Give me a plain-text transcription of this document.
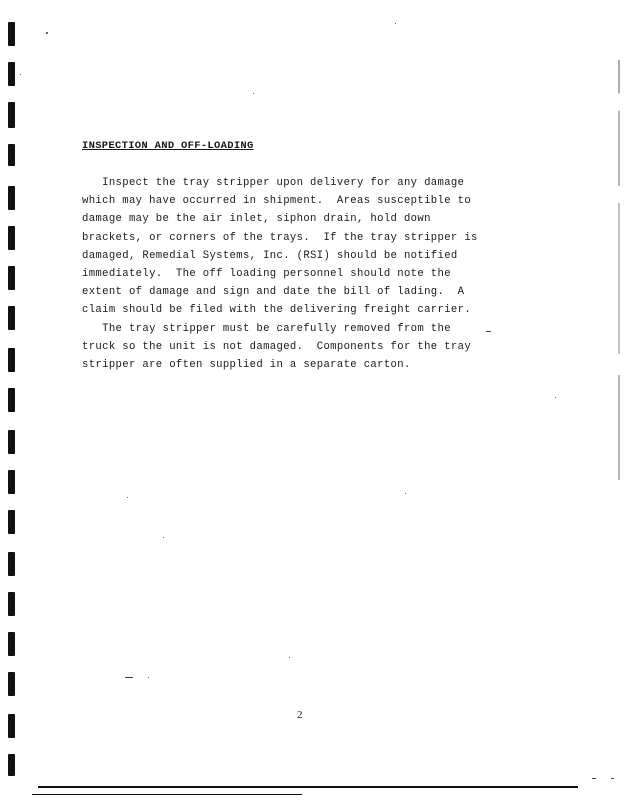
INSPECTION AND OFF-LOADING
Inspect the tray stripper upon delivery for any damage
which may have occurred in shipment.  Areas susceptible to
damage may be the air inlet, siphon drain, hold down
brackets, or corners of the trays.  If the tray stripper is
damaged, Remedial Systems, Inc. (RSI) should be notified
immediately.  The off loading personnel should note the
extent of damage and sign and date the bill of lading.  A
claim should be filed with the delivering freight carrier.
The tray stripper must be carefully removed from the
truck so the unit is not damaged.  Components for the tray
stripper are often supplied in a separate carton.
2
